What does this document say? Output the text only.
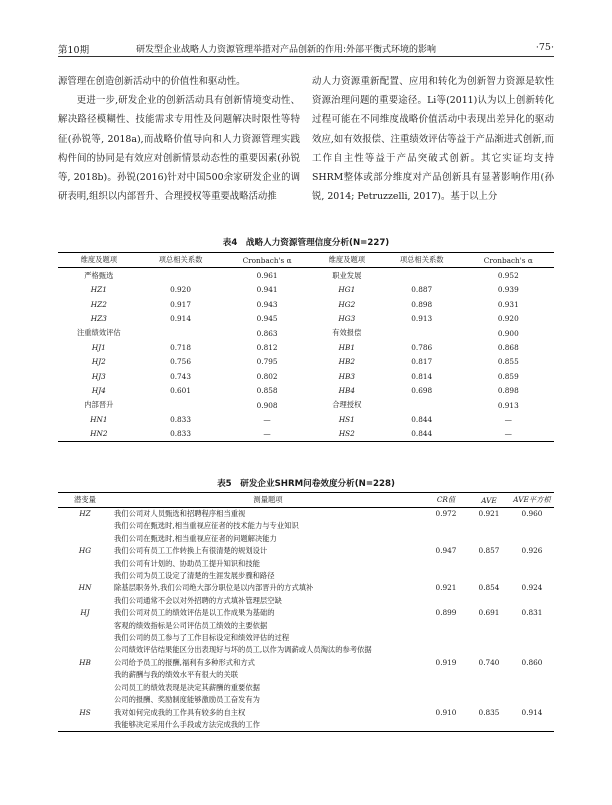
第10期	研发型企业战略人力资源管理举措对产品创新的作用:外部平衡式环境的影响	·75·

源管理在创造创新活动中的价值性和驱动性。

更进一步,研发企业的创新活动具有创新情境变动性、解决路径模糊性、技能需求专用性及问题解决时限性等特征(孙锐等, 2018a),而战略价值导向和人力资源管理实践构件间的协同是有效应对创新情景动态性的重要因素(孙锐等, 2018b)。孙锐(2016)针对中国500余家研发企业的调研表明,组织以内部晋升、合理授权等重要战略活动推

动人力资源重新配置、应用和转化为创新智力资源是软性资源治理问题的重要途径。Li等(2011)认为以上创新转化过程可能在不同维度战略价值活动中表现出差异化的驱动效应,如有效报偿、注重绩效评估等益于产品渐进式创新,而工作自主性等益于产品突破式创新。其它实证均支持SHRM整体或部分维度对产品创新具有显著影响作用(孙锐, 2014; Petruzzelli, 2017)。基于以上分

表4　战略人力资源管理信度分析(N=227)
维度及题项	项总相关系数	Cronbach's α	维度及题项	项总相关系数	Cronbach's α
严格甄选		0.961	职业发展		0.952
HZ1	0.920	0.941	HG1	0.887	0.939
HZ2	0.917	0.943	HG2	0.898	0.931
HZ3	0.914	0.945	HG3	0.913	0.920
注重绩效评估		0.863	有效报偿		0.900
HJ1	0.718	0.812	HB1	0.786	0.868
HJ2	0.756	0.795	HB2	0.817	0.855
HJ3	0.743	0.802	HB3	0.814	0.859
HJ4	0.601	0.858	HB4	0.698	0.898
内部晋升		0.908	合理授权		0.913
HN1	0.833	—	HS1	0.844	—
HN2	0.833	—	HS2	0.844	—
表5　研发企业SHRM问卷效度分析(N=228)
潜变量	测量题项	CR值	AVE	AVE平方根
HZ	我们公司对人员甄选和招聘程序相当重视	0.972	0.921	0.960
	我们公司在甄选时,相当重视应征者的技术能力与专业知识			
	我们公司在甄选时,相当重视应征者的问题解决能力			
HG	我们公司有员工工作转换上有很清楚的规划设计	0.947	0.857	0.926
	我们公司有计划的、协助员工提升知识和技能			
	我们公司为员工设定了清楚的生涯发展步骤和路径			
HN	除基层职务外,我们公司绝大部分职位是以内部晋升的方式填补	0.921	0.854	0.924
	我们公司通常不会以对外招聘的方式填补管理层空缺			
HJ	我们公司对员工的绩效评估是以工作成果为基础的	0.899	0.691	0.831
	客观的绩效指标是公司评估员工绩效的主要依据			
	我们公司的员工参与了工作目标设定和绩效评估的过程			
	公司绩效评估结果能区分出表现好与坏的员工,以作为调薪或人员淘汰的参考依据			
HB	公司给予员工的报酬,福利有多种形式和方式	0.919	0.740	0.860
	我的薪酬与我的绩效水平有很大的关联			
	公司员工的绩效表现是决定其薪酬的重要依据			
	公司的报酬、奖励制度能够激励员工奋发有为			
HS	我对如何完成我的工作具有较多的自主权	0.910	0.835	0.914
	我能够决定采用什么手段或方法完成我的工作			
